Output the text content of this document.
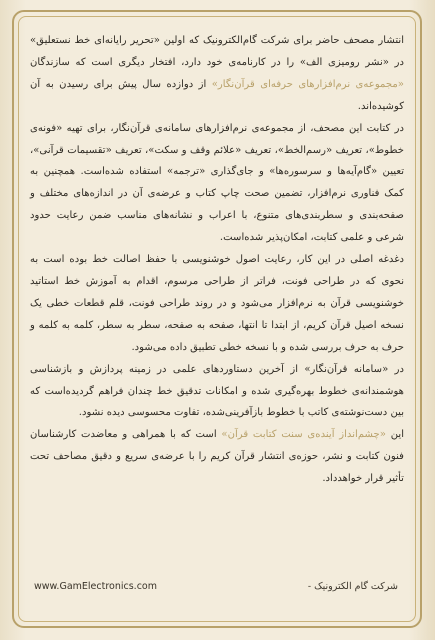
انتشار مصحف حاضر برای شرکت گام‌الکترونیک که اولین «تحریر رایانه‌ای خط نستعلیق» در «نشر رومیزی الف» را در کارنامه‌ی خود دارد، افتخار دیگری است که سازندگان «مجموعه‌ی نرم‌افزارهای حرفه‌ای قرآن‌نگار» از دوازده سال پیش برای رسیدن به آن کوشیده‌اند.

در کتابت این مصحف، از مجموعه‌ی نرم‌افزارهای سامانه‌ی قرآن‌نگار، برای تهیه «فونه‌ی خطوط»، تعریف «رسم‌الخط»، تعریف «علائم وقف و سکت»، تعریف «تقسیمات قرآنی»، تعیین «گام‌آیه‌ها و سرسوره‌ها» و جای‌گذاری «ترجمه» استفاده شده‌است. همچنین به کمک فناوری نرم‌افزار، تضمین صحت چاپ کتاب و عرضه‌ی آن در اندازه‌های مختلف و صفحه‌بندی و سطربندی‌های متنوع، با اعراب و نشانه‌های مناسب ضمن رعایت حدود شرعی و علمی کتابت، امکان‌پذیر شده‌است.

دغدغه اصلی در این کار، رعایت اصول خوشنویسی با حفظ اصالت خط بوده است به نحوی که در طراحی فونت، فراتر از طراحی مرسوم، اقدام به آموزش خط استاتید خوشنویسی قرآن به نرم‌افزار می‌شود و در روند طراحی فونت، قلم قطعات خطی یک نسخه اصیل قرآن کریم، از ابتدا تا انتها، صفحه به صفحه، سطر به سطر، کلمه به کلمه و حرف به حرف بررسی شده و با نسخه خطی تطبیق داده می‌شود.

در «سامانه قرآن‌نگار» از آخرین دستاوردهای علمی در زمینه پردازش و بازشناسی هوشمندانه‌ی خطوط بهره‌گیری شده و امکانات تدقیق خط چندان فراهم گردیده‌است که بین دست‌نوشته‌ی کاتب با خطوط بازآفرینی‌شده، تفاوت محسوسی دیده نشود.

این «چشم‌انداز آینده‌ی سنت کتابت قرآن» است که با همراهی و معاضدت کارشناسان فنون کتابت و نشر، حوزه‌ی انتشار قرآن کریم را با عرضه‌ی سریع و دقیق مصاحف تحت تأثیر قرار خواهدداد.

www.GamElectronics.com	شرکت گام الکترونیک -
